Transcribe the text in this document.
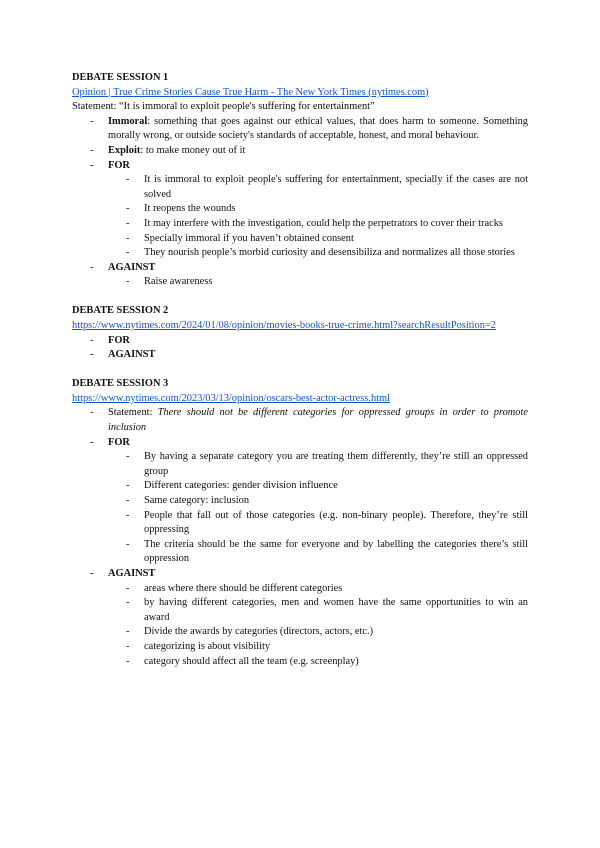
DEBATE SESSION 1

Opinion | True Crime Stories Cause True Harm - The New York Times (nytimes.com)

Statement: “It is immoral to exploit people's suffering for entertainment”

- Immoral: something that goes against our ethical values, that does harm to someone. Something morally wrong, or outside society's standards of acceptable, honest, and moral behaviour.
- Exploit: to make money out of it
- FOR
- It is immoral to exploit people's suffering for entertainment, specially if the cases are not solved
- It reopens the wounds
- It may interfere with the investigation, could help the perpetrators to cover their tracks
- Specially immoral if you haven’t obtained consent
- They nourish people’s morbid curiosity and desensibiliza and normalizes all those stories
- AGAINST
- Raise awareness

DEBATE SESSION 2

https://www.nytimes.com/2024/01/08/opinion/movies-books-true-crime.html?searchResultPosition=2
- FOR
- AGAINST

DEBATE SESSION 3

https://www.nytimes.com/2023/03/13/opinion/oscars-best-actor-actress.html
- Statement: There should not be different categories for oppressed groups in order to promote inclusion
- FOR
- By having a separate category you are treating them differently, they’re still an oppressed group
- Different categories: gender division influence
- Same category: inclusion
- People that fall out of those categories (e.g. non-binary people). Therefore, they’re still oppressing
- The criteria should be the same for everyone and by labelling the categories there’s still oppression
- AGAINST
- areas where there should be different categories
- by having different categories, men and women have the same opportunities to win an award
- Divide the awards by categories (directors, actors, etc.)
- categorizing is about visibility
- category should affect all the team (e.g. screenplay)
